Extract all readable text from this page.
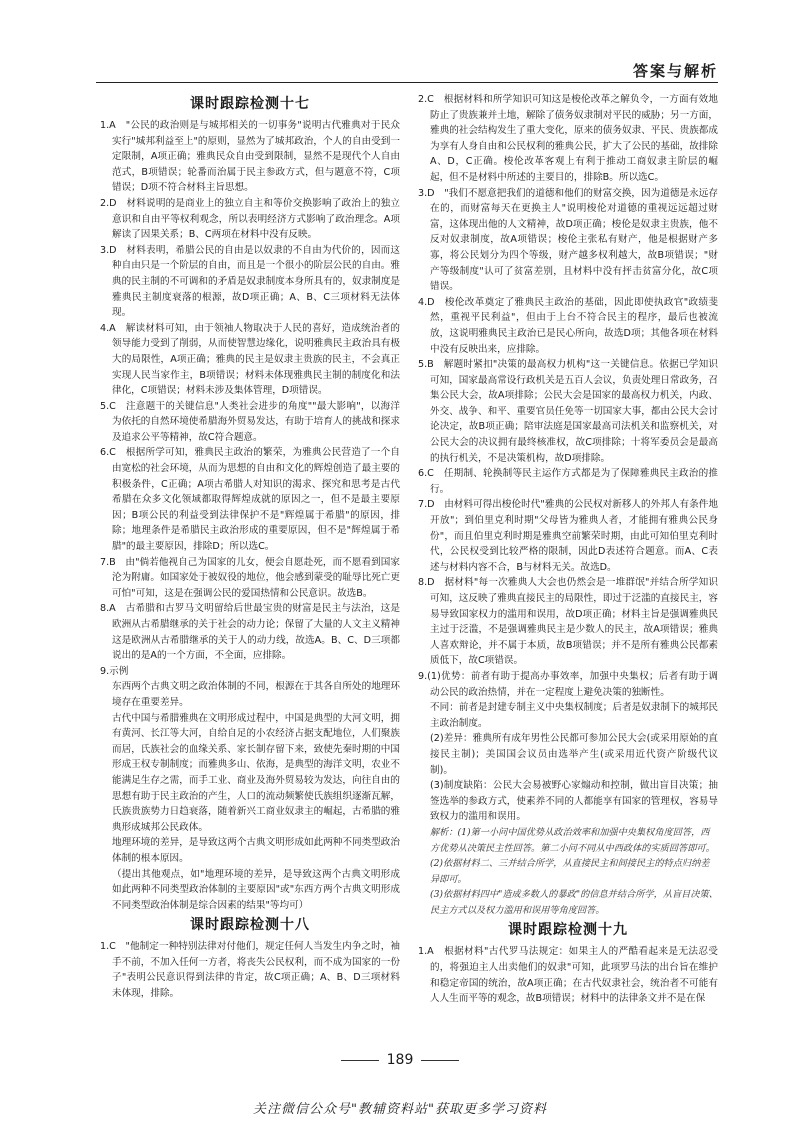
答案与解析
课时跟踪检测十七
1.A　"公民的政治则是与城邦相关的一切事务"说明古代雅典对于民众实行"城邦利益至上"的原则，显然为了城邦政治，个人的自由受到一定限制，A项正确；雅典民众自由受到限制，显然不是现代个人自由范式，B项错误；轮番而治属于民主参政方式，但与题意不符，C项错误；D项不符合材料主旨思想。
2.D　材料说明的是商业上的独立自主和等价交换影响了政治上的独立意识和自由平等权利观念，所以表明经济方式影响了政治理念。A项解读了因果关系；B、C两项在材料中没有反映。
3.D　材料表明，希腊公民的自由是以奴隶的不自由为代价的，因而这种自由只是一个阶层的自由，而且是一个很小的阶层公民的自由。雅典的民主制的不可调和的矛盾是奴隶制度本身所具有的，奴隶制度是雅典民主制度衰落的根源，故D项正确；A、B、C三项材料无法体现。
4.A　解读材料可知，由于领袖人物取决于人民的喜好，造成统治者的领导能力受到了削弱，从而使智慧边缘化，说明雅典民主政治具有极大的局限性，A项正确；雅典的民主是奴隶主贵族的民主，不会真正实现人民当家作主，B项错误；材料未体现雅典民主制的制度化和法律化，C项错误；材料未涉及集体管理，D项错误。
5.C　注意题干的关键信息"人类社会进步的角度""最大影响"，以海洋为依托的自然环境使希腊海外贸易发达，有助于培育人的挑战和探求及追求公平等精神，故C符合题意。
6.C　根据所学可知，雅典民主政治的繁荣，为雅典公民营造了一个自由宽松的社会环境，从而为思想的自由和文化的辉煌创造了最主要的积极条件，C正确；A项古希腊人对知识的渴求、探究和思考是古代希腊在众多文化领域都取得辉煌成就的原因之一，但不是最主要原因；B项公民的利益受到法律保护不是"辉煌属于希腊"的原因，排除；地理条件是希腊民主政治形成的重要原因，但不是"辉煌属于希腊"的最主要原因，排除D；所以选C。
7.B　由"倘若他视自己为国家的儿女，便会自愿赴死，而不愿看到国家沦为附庸。如国家处于被奴役的地位，他会感到蒙受的耻辱比死亡更可怕"可知，这是在强调公民的爱国热情和公民意识。故选B。
8.A　古希腊和古罗马文明留给后世最宝贵的财富是民主与法治，这是欧洲从古希腊继承的关于社会的动力论；保留了大量的人文主义精神这是欧洲从古希腊继承的关于人的动力线，故选A。B、C、D三项都说出的是A的一个方面，不全面，应排除。
9.示例
东西两个古典文明之政治体制的不同，根源在于其各自所处的地理环境存在重要差异。
古代中国与希腊雅典在文明形成过程中，中国是典型的大河文明，拥有黄河、长江等大河，自给自足的小农经济占据支配地位，人们聚族而居，氏族社会的血缘关系、家长制存留下来，致使先秦时期的中国形成王权专制制度；而雅典多山、依海，是典型的海洋文明，农业不能满足生存之需，而手工业、商业及海外贸易较为发达，向往自由的思想有助于民主政治的产生，人口的流动频繁使氏族组织逐渐瓦解，氏族贵族势力日趋衰落，随着新兴工商业奴隶主的崛起，古希腊的雅典形成城邦公民政体。
地理环境的差异，是导致这两个古典文明形成如此两种不同类型政治体制的根本原因。
（提出其他观点，如"地理环境的差异，是导致这两个古典文明形成如此两种不同类型政治体制的主要原因"或"东西方两个古典文明形成不同类型政治体制是综合因素的结果"等均可）
课时跟踪检测十八
1.C　"他制定一种特别法律对付他们，规定任何人当发生内争之时，袖手不前，不加入任何一方者，将丧失公民权利，而不成为国家的一份子"表明公民意识得到法律的肯定，故C项正确；A、B、D三项材料未体现，排除。
2.C　根据材料和所学知识可知这是梭伦改革之解负令，一方面有效地防止了贵族兼并土地，解除了债务奴隶制对平民的威胁；另一方面，雅典的社会结构发生了重大变化，原来的债务奴隶、平民、贵族都成为享有人身自由和公民权利的雅典公民，扩大了公民的基础，故排除A、D，C正确。梭伦改革客观上有利于推动工商奴隶主阶层的崛起，但不是材料中所述的主要目的，排除B。所以选C。
3.D　"我们不愿意把我们的道德和他们的财富交换，因为道德是永远存在的，而财富每天在更换主人"说明梭伦对道德的重视远远超过财富，这体现出他的人文精神，故D项正确；梭伦是奴隶主贵族，他不反对奴隶制度，故A项错误；梭伦主张私有财产，他是根据财产多寡，将公民划分为四个等级，财产越多权利越大，故B项错误；"财产等级制度"认可了贫富差别，且材料中没有抨击贫富分化，故C项错误。
4.D　梭伦改革奠定了雅典民主政治的基础，因此即使执政官"政绩斐然，重视平民利益"，但由于上台不符合民主的程序，最后也被流放，这说明雅典民主政治已是民心所向，故选D项；其他各项在材料中没有反映出来，应排除。
5.B　解题时紧扣"决策的最高权力机构"这一关键信息。依据已学知识可知，国家最高常设行政机关是五百人会议，负责处理日常政务，召集公民大会，故A项排除；公民大会是国家的最高权力机关，内政、外交、战争、和平、重要官员任免等一切国家大事，都由公民大会讨论决定，故B项正确；陪审法庭是国家最高司法机关和监察机关，对公民大会的决议拥有最终核准权，故C项排除；十将军委员会是最高的执行机关，不是决策机构，故D项排除。
6.C　任期制、轮换制等民主运作方式都是为了保障雅典民主政治的推行。
7.D　由材料可得出梭伦时代"雅典的公民权对新移人的外邦人有条件地开放"；到伯里克利时期"父母皆为雅典人者，才能拥有雅典公民身份"，而且伯里克利时期是雅典空前繁荣时期，由此可知伯里克利时代，公民权受到比较严格的限制，因此D表述符合题意。而A、C表述与材料内容不合，B与材料无关。故选D。
8.D　据材料"每一次雅典人大会也仍然会是一堆群氓"并结合所学知识可知，这反映了雅典直接民主的局限性，即过于泛滥的直接民主，容易导致国家权力的滥用和误用，故D项正确；材料主旨是强调雅典民主过于泛滥，不是强调雅典民主是少数人的民主，故A项错误；雅典人喜欢辩论，并不属于本质，故B项错误；并不是所有雅典公民都素质低下，故C项错误。
9.(1)优势：前者有助于提高办事效率，加强中央集权；后者有助于调动公民的政治热情，并在一定程度上避免决策的独断性。
不同：前者是封建专制主义中央集权制度；后者是奴隶制下的城邦民主政治制度。
(2)差异：雅典所有成年男性公民都可参加公民大会(或采用原始的直接民主制)；美国国会议员由选举产生(或采用近代资产阶级代议制)。
(3)制度缺陷：公民大会易被野心家煽动和控制，做出盲目决策；抽签选举的参政方式，使素养不同的人都能享有国家的管理权，容易导致权力的滥用和误用。
解析：(1)第一小问中国优势从政治效率和加强中央集权角度回答，西方优势从决策民主性回答。第二小问不同从中西政体的实质回答即可。
(2)依据材料二、三并结合所学，从直接民主和间接民主的特点归纳差异即可。
(3)依据材料四中"造成多数人的暴政"的信息并结合所学，从盲目决策、民主方式以及权力滥用和误用等角度回答。
课时跟踪检测十九
1.A　根据材料"古代罗马法规定：如果主人的严酷看起来是无法忍受的，将强迫主人出卖他们的奴隶"可知，此项罗马法的出台旨在维护和稳定帝国的统治，故A项正确；在古代奴隶社会，统治者不可能有人人生而平等的观念，故B项错误；材料中的法律条文并不是在保
189
关注微信公众号"教辅资料站"获取更多学习资料
